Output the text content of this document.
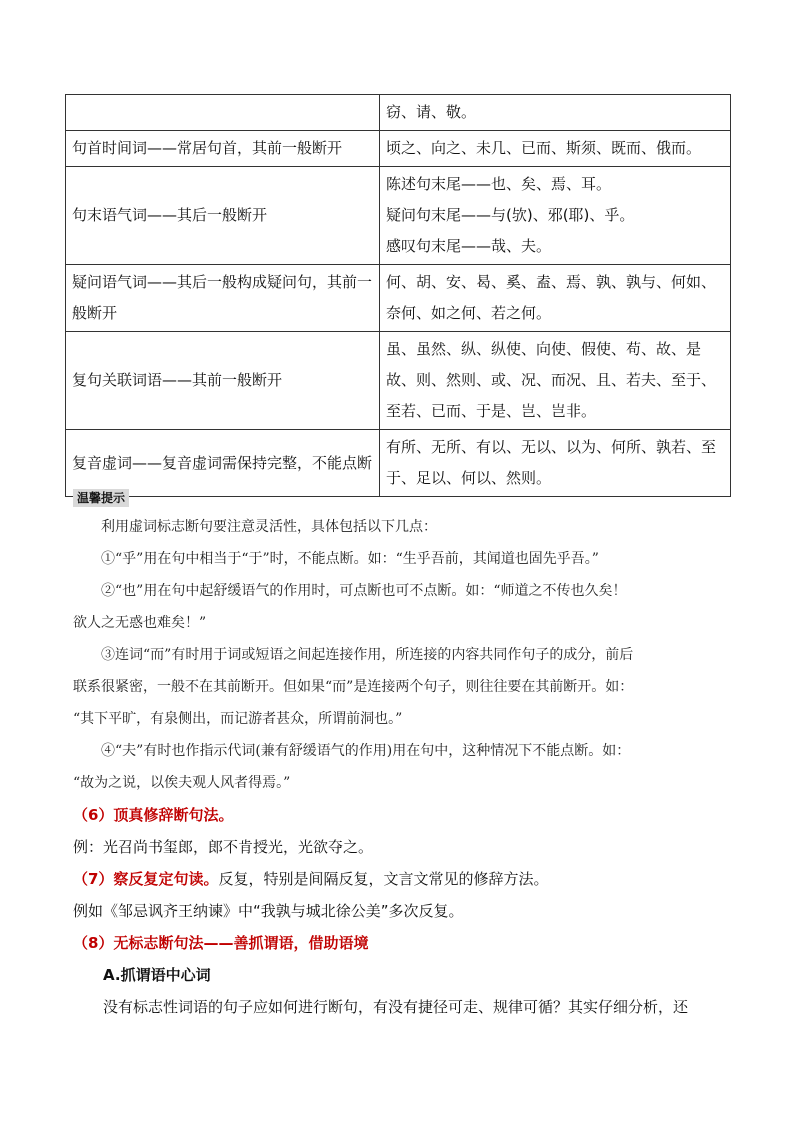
	窃、请、敬。

句首时间词——常居句首，其前一般断开	顷之、向之、未几、已而、斯须、既而、俄而。

句末语气词——其后一般断开	陈述句末尾——也、矣、焉、耳。
疑问句末尾——与(欤)、邪(耶)、乎。
感叹句末尾——哉、夫。

疑问语气词——其后一般构成疑问句，其前一般断开	何、胡、安、曷、奚、盍、焉、孰、孰与、何如、奈何、如之何、若之何。

复句关联词语——其前一般断开	虽、虽然、纵、纵使、向使、假使、苟、故、是故、则、然则、或、况、而况、且、若夫、至于、至若、已而、于是、岂、岂非。

复音虚词——复音虚词需保持完整，不能点断	有所、无所、有以、无以、以为、何所、孰若、至于、足以、何以、然则。
温馨提示
利用虚词标志断句要注意灵活性，具体包括以下几点：
①“乎”用在句中相当于“于”时，不能点断。如：“生乎吾前，其闻道也固先乎吾。”
②“也”用在句中起舒缓语气的作用时，可点断也可不点断。如：“师道之不传也久矣！
欲人之无惑也难矣！”
③连词“而”有时用于词或短语之间起连接作用，所连接的内容共同作句子的成分，前后
联系很紧密，一般不在其前断开。但如果“而”是连接两个句子，则往往要在其前断开。如：
“其下平旷，有泉侧出，而记游者甚众，所谓前洞也。”
④“夫”有时也作指示代词(兼有舒缓语气的作用)用在句中，这种情况下不能点断。如：
“故为之说，以俟夫观人风者得焉。”
（6）顶真修辞断句法。
例：光召尚书玺郎，郎不肯授光，光欲夺之。
（7）察反复定句读。反复，特别是间隔反复，文言文常见的修辞方法。
例如《邹忌讽齐王纳谏》中“我孰与城北徐公美”多次反复。
（8）无标志断句法——善抓谓语，借助语境
A.抓谓语中心词
没有标志性词语的句子应如何进行断句，有没有捷径可走、规律可循？其实仔细分析，还
